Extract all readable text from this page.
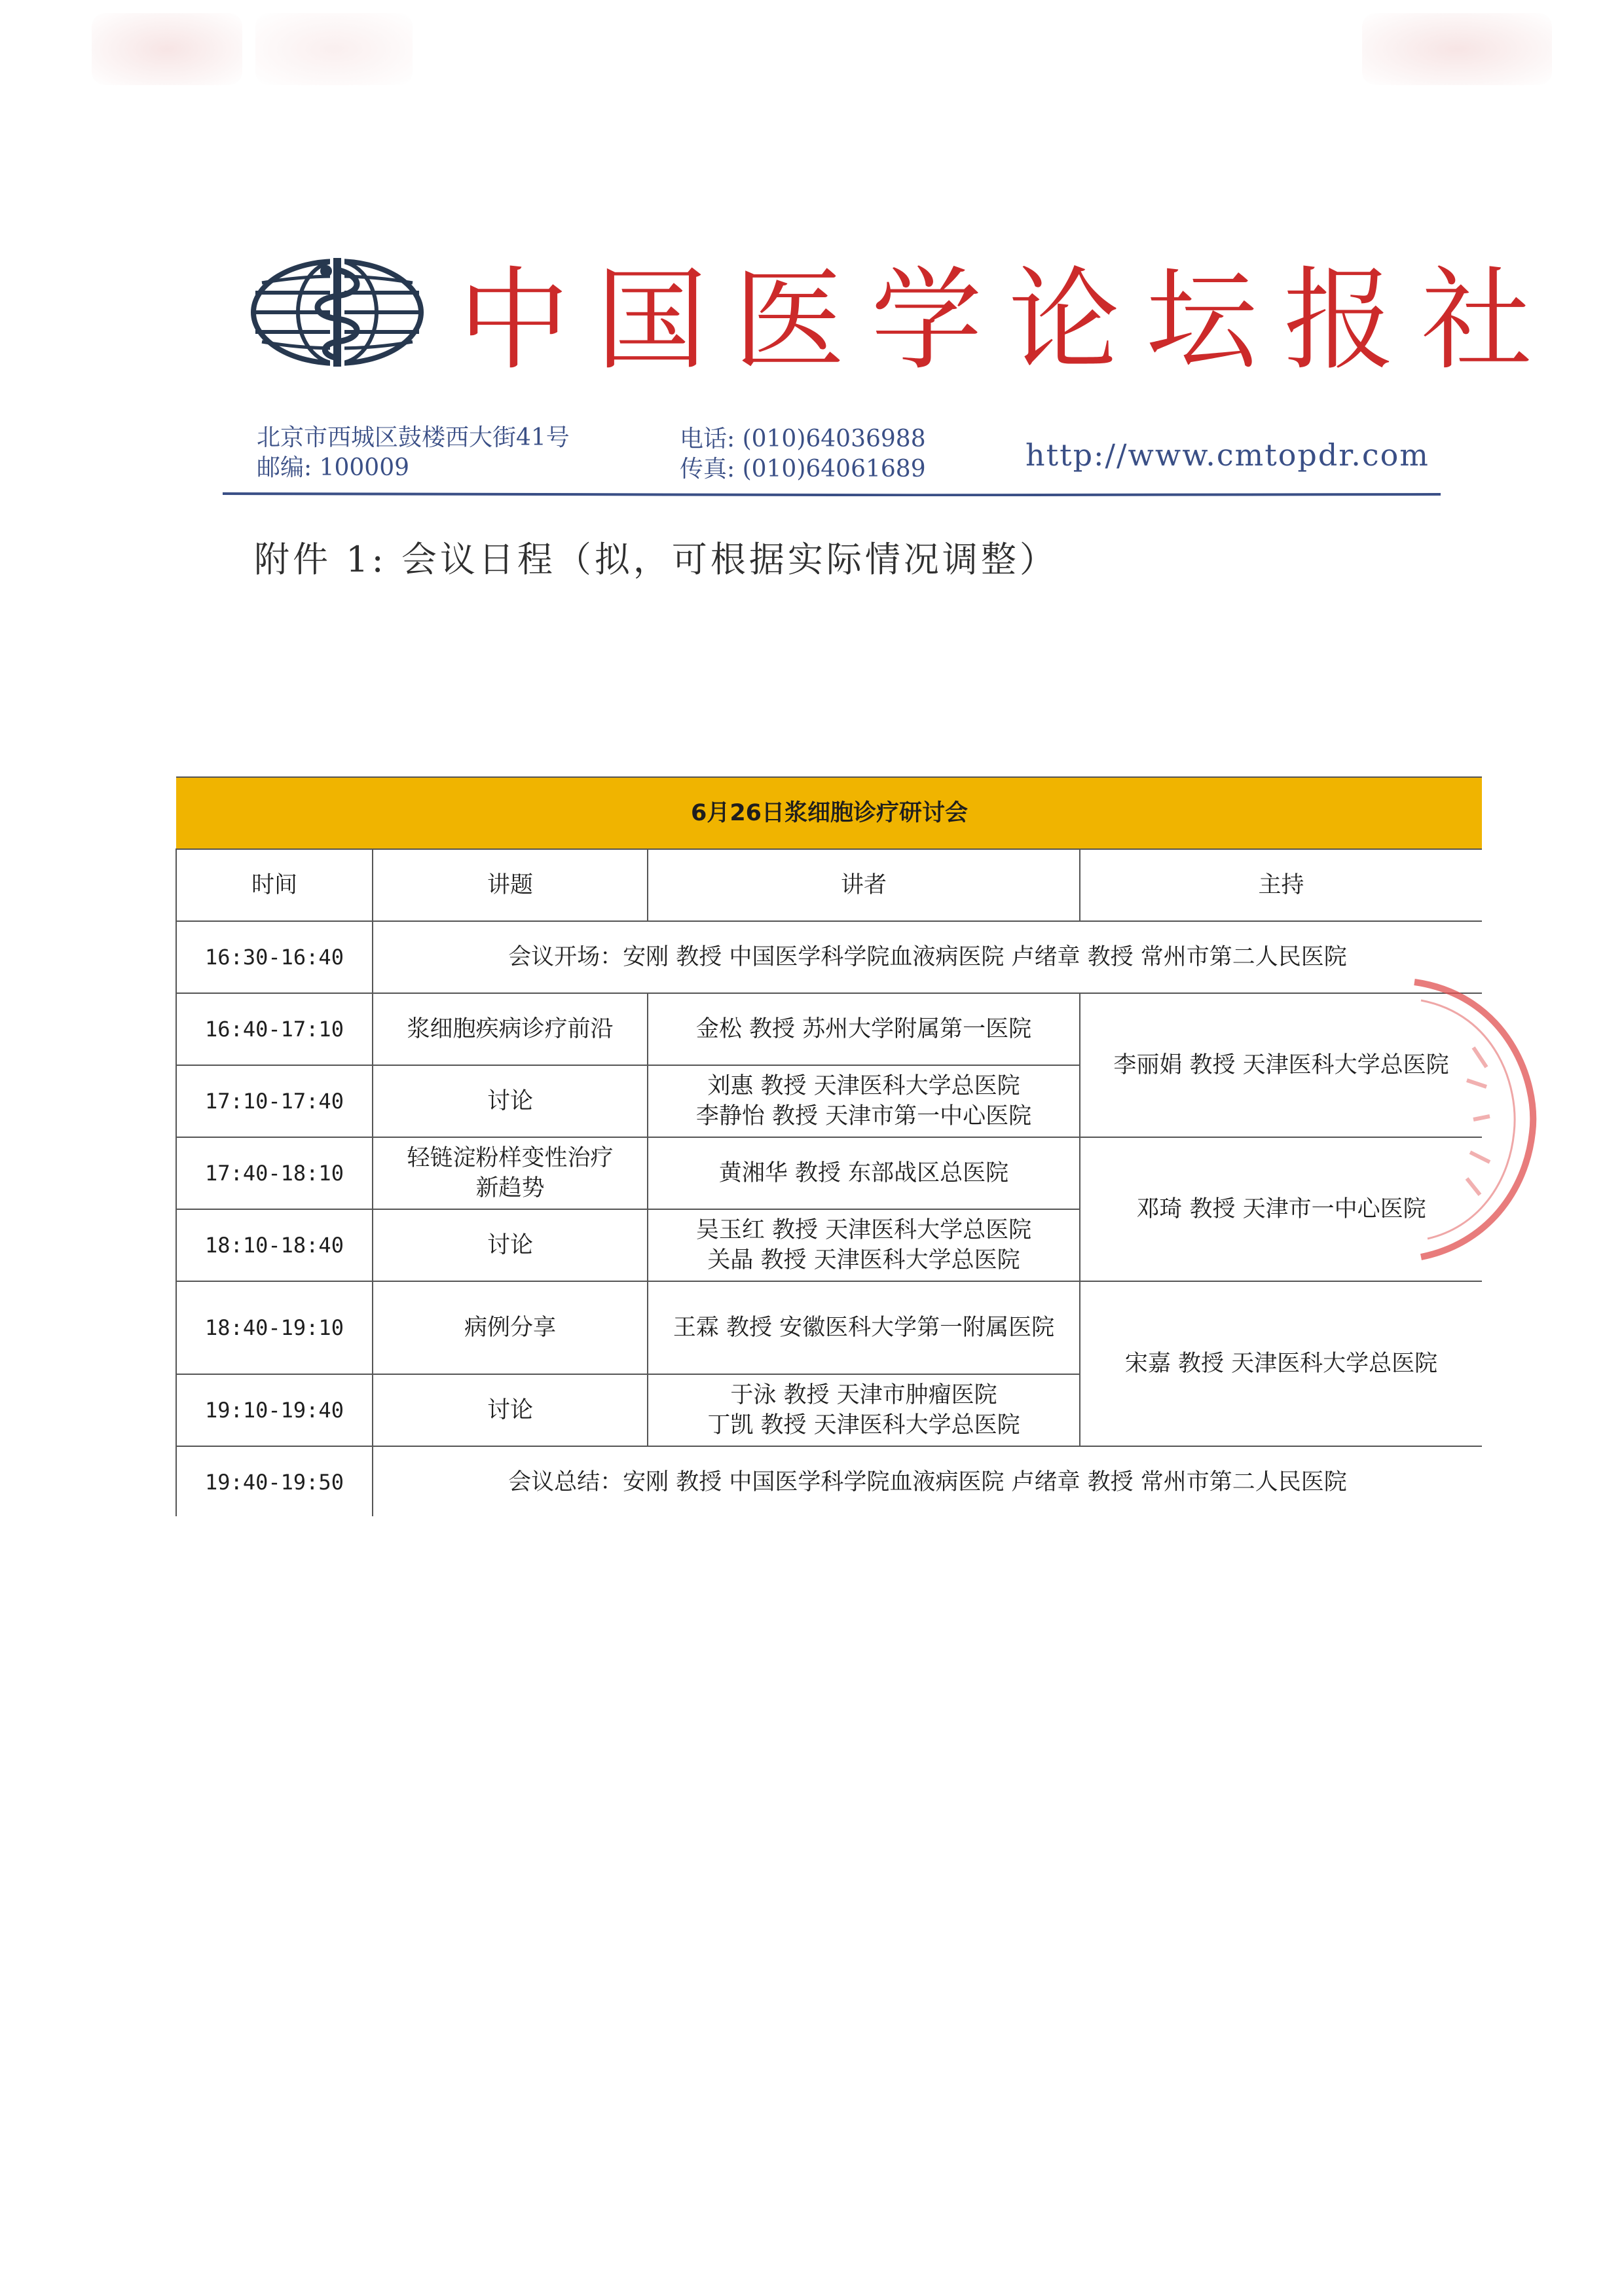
中国医学论坛报社
北京市西城区鼓楼西大街41号
邮编: 100009
电话: (010)64036988
传真: (010)64061689	http://www.cmtopdr.com
附件 1: 会议日程（拟，可根据实际情况调整）
6月26日浆细胞诊疗研讨会			
时间	讲题	讲者	主持
16:30-16:40	会议开场：安刚 教授 中国医学科学院血液病医院 卢绪章 教授 常州市第二人民医院		
16:40-17:10	浆细胞疾病诊疗前沿	金松 教授 苏州大学附属第一医院	李丽娟 教授 天津医科大学总医院
17:10-17:40	讨论	刘惠 教授 天津医科大学总医院
李静怡 教授 天津市第一中心医院	

17:40-18:10	轻链淀粉样变性治疗
新趋势	黄湘华 教授 东部战区总医院	邓琦 教授 天津市一中心医院
18:10-18:40	讨论	吴玉红 教授 天津医科大学总医院
关晶 教授 天津医科大学总医院	

18:40-19:10	病例分享	王霖 教授 安徽医科大学第一附属医院	宋嘉 教授 天津医科大学总医院
19:10-19:40	讨论	于泳 教授 天津市肿瘤医院
丁凯 教授 天津医科大学总医院	

19:40-19:50	会议总结：安刚 教授 中国医学科学院血液病医院 卢绪章 教授 常州市第二人民医院		
